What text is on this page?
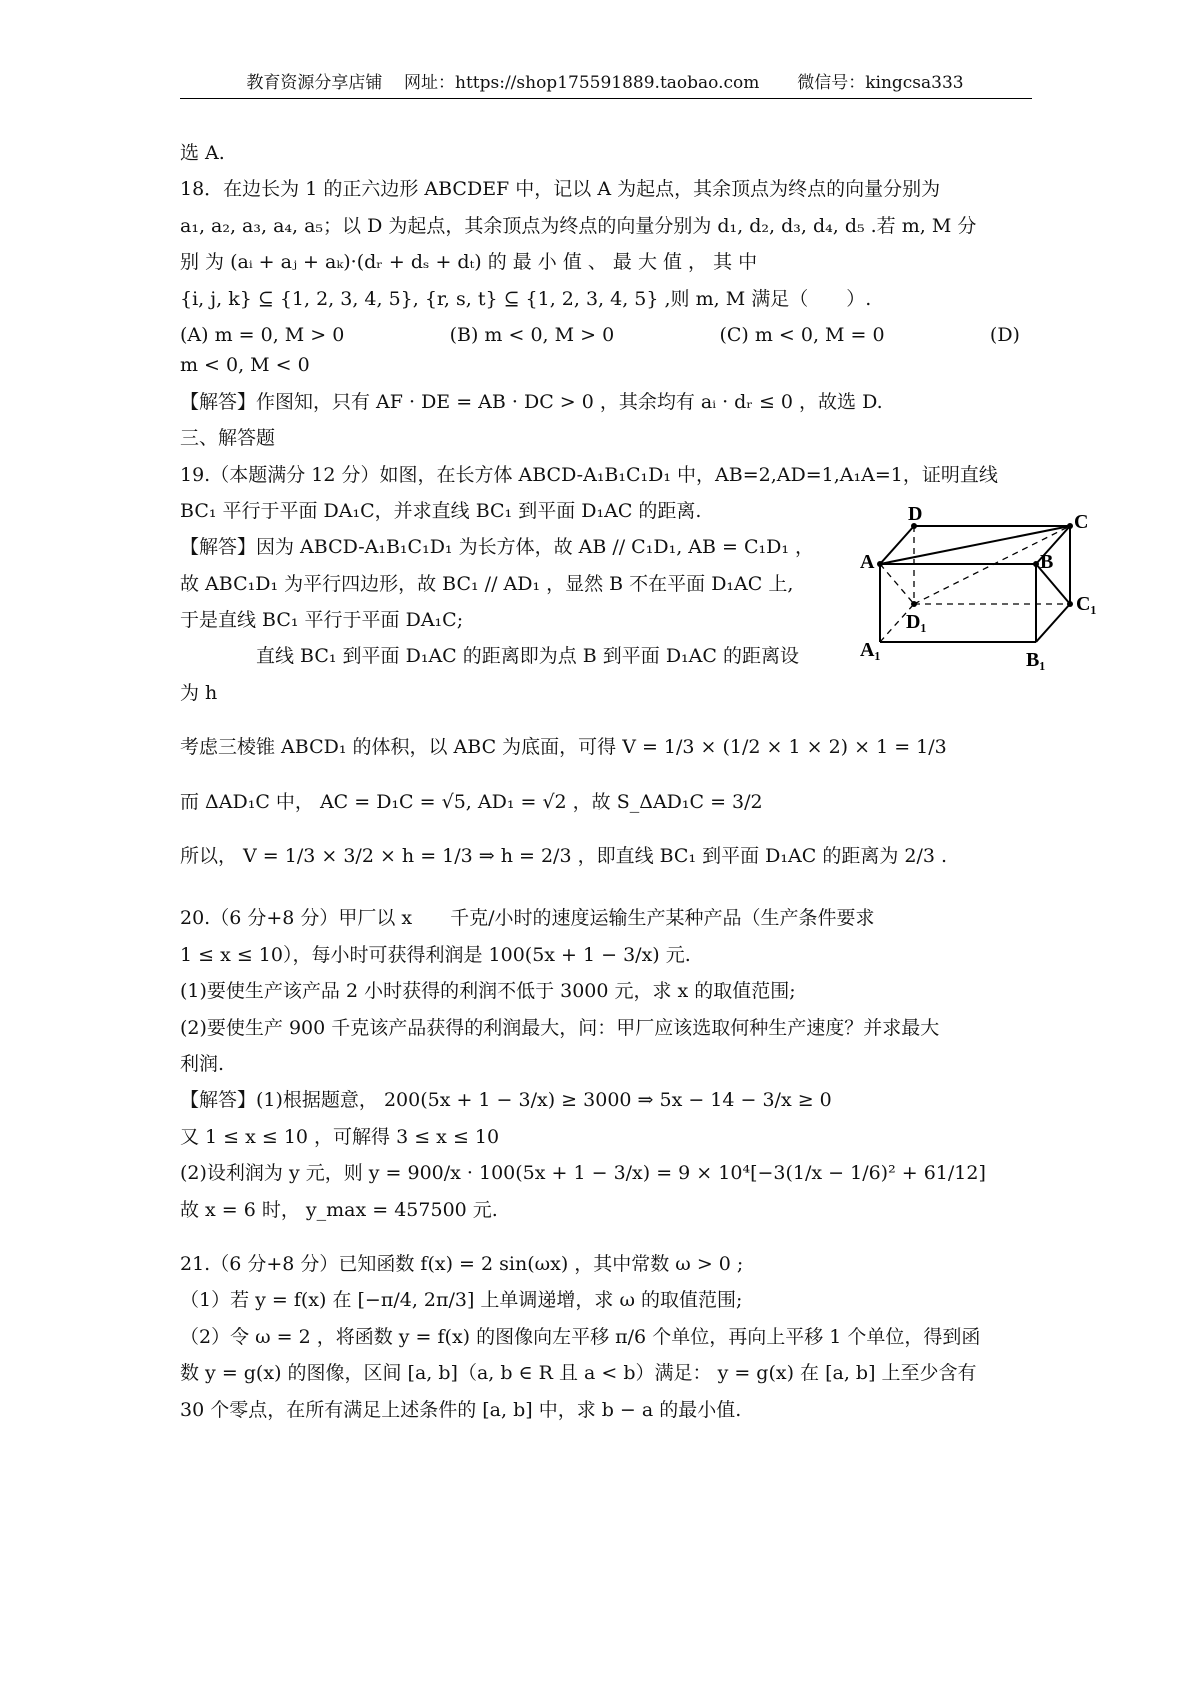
教育资源分享店铺 网址：https://shop175591889.taobao.com 微信号：kingcsa333

选 A.

18．在边长为 1 的正六边形 ABCDEF 中，记以 A 为起点，其余顶点为终点的向量分别为

a₁, a₂, a₃, a₄, a₅；以 D 为起点，其余顶点为终点的向量分别为 d₁, d₂, d₃, d₄, d₅ .若 m, M 分

别 为 (aᵢ + aⱼ + aₖ)·(dᵣ + dₛ + dₜ) 的 最 小 值 、 最 大 值 ， 其 中

{i, j, k} ⊆ {1, 2, 3, 4, 5}, {r, s, t} ⊆ {1, 2, 3, 4, 5} ,则 m, M 满足（　　）.

(A) m = 0, M > 0	(B) m < 0, M > 0	(C) m < 0, M = 0	(D)

m < 0, M < 0

【解答】作图知，只有 AF · DE = AB · DC > 0 ，其余均有 aᵢ · dᵣ ≤ 0 ，故选 D.

三、解答题

19.（本题满分 12 分）如图，在长方体 ABCD-A₁B₁C₁D₁ 中，AB=2,AD=1,A₁A=1，证明直线

BC₁ 平行于平面 DA₁C，并求直线 BC₁ 到平面 D₁AC 的距离.

【解答】因为 ABCD-A₁B₁C₁D₁ 为长方体，故 AB // C₁D₁, AB = C₁D₁ ，

故 ABC₁D₁ 为平行四边形，故 BC₁ // AD₁ ，显然 B 不在平面 D₁AC 上,

于是直线 BC₁ 平行于平面 DA₁C;

直线 BC₁ 到平面 D₁AC 的距离即为点 B 到平面 D₁AC 的距离设

为 h

考虑三棱锥 ABCD₁ 的体积，以 ABC 为底面，可得 V = 1/3 × (1/2 × 1 × 2) × 1 = 1/3

而 ΔAD₁C 中， AC = D₁C = √5, AD₁ = √2 ，故 S_ΔAD₁C = 3/2

所以， V = 1/3 × 3/2 × h = 1/3 ⇒ h = 2/3 ，即直线 BC₁ 到平面 D₁AC 的距离为 2/3 .

20.（6 分+8 分）甲厂以 x　　千克/小时的速度运输生产某种产品（生产条件要求

1 ≤ x ≤ 10），每小时可获得利润是 100(5x + 1 − 3/x) 元.

(1)要使生产该产品 2 小时获得的利润不低于 3000 元，求 x 的取值范围;

(2)要使生产 900 千克该产品获得的利润最大，问：甲厂应该选取何种生产速度？并求最大

利润.

【解答】(1)根据题意， 200(5x + 1 − 3/x) ≥ 3000 ⇒ 5x − 14 − 3/x ≥ 0

又 1 ≤ x ≤ 10 ，可解得 3 ≤ x ≤ 10

(2)设利润为 y 元，则 y = 900/x · 100(5x + 1 − 3/x) = 9 × 10⁴[−3(1/x − 1/6)² + 61/12]

故 x = 6 时， y_max = 457500 元.

21.（6 分+8 分）已知函数 f(x) = 2 sin(ωx) ，其中常数 ω > 0 ;

（1）若 y = f(x) 在 [−π/4, 2π/3] 上单调递增，求 ω 的取值范围;

（2）令 ω = 2 ，将函数 y = f(x) 的图像向左平移 π/6 个单位，再向上平移 1 个单位，得到函

数 y = g(x) 的图像，区间 [a, b]（a, b ∈ R 且 a < b）满足： y = g(x) 在 [a, b] 上至少含有

30 个零点，在所有满足上述条件的 [a, b] 中，求 b − a 的最小值.

D	C
A	B
C₁
D₁
A₁	B₁
